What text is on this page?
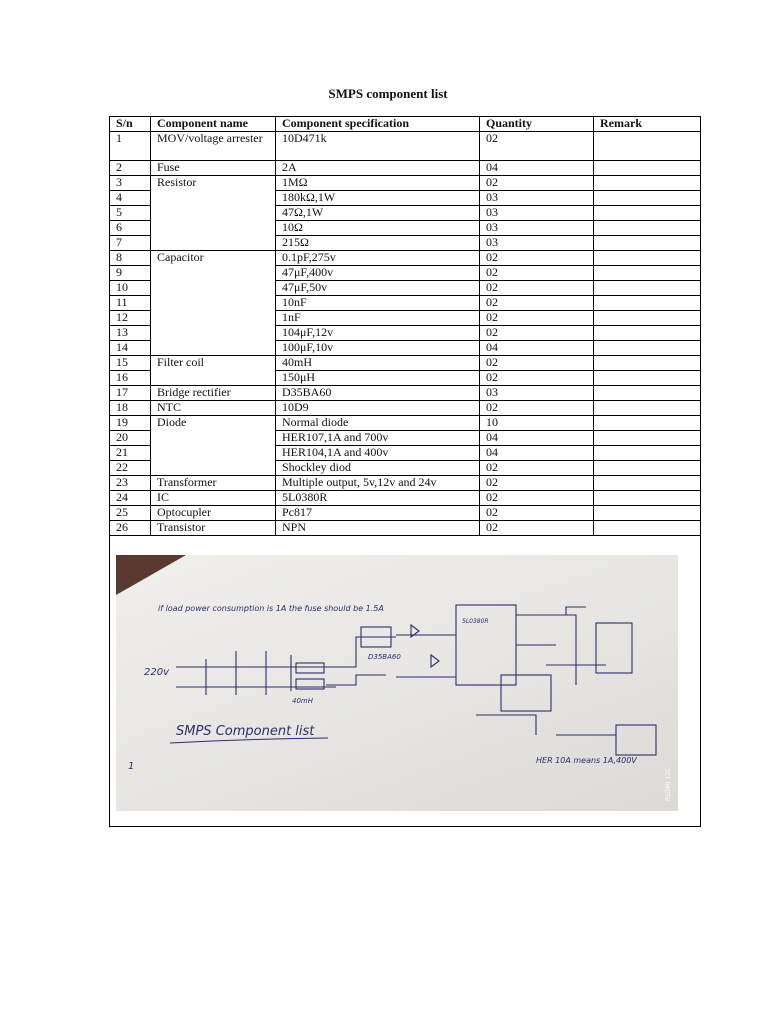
SMPS component list
S/n	Component name	Component specification	Quantity	Remark
1	MOV/voltage arrester	10D471k	02	
2	Fuse	2A	04	
3	Resistor	1MΩ	02	
4		180kΩ,1W	03	
5		47Ω,1W	03	
6		10Ω	03	
7		215Ω	03	
8	Capacitor	0.1pF,275v	02	
9		47μF,400v	02	
10		47μF,50v	02	
11		10nF	02	
12		1nF	02	
13		104μF,12v	02	
14		100μF,10v	04	
15	Filter coil	40mH	02	
16		150μH	02	
17	Bridge rectifier	D35BA60	03	
18	NTC	10D9	02	
19	Diode	Normal diode	10	
20		HER107,1A and 700v	04	
21		HER104,1A and 400v	04	
22		Shockley diod	02	
23	Transformer	Multiple output, 5v,12v and 24v	02	
24	IC	5L0380R	02	
25	Optocupler	Pc817	02	
26	Transistor	NPN	02	
if load power consumption is 1A the fuse should be 1.5A
220v
40mH
D35BA60
5L0380R
SMPS Component list
1
HER 10A means 1A,400V
REDMI 12C
